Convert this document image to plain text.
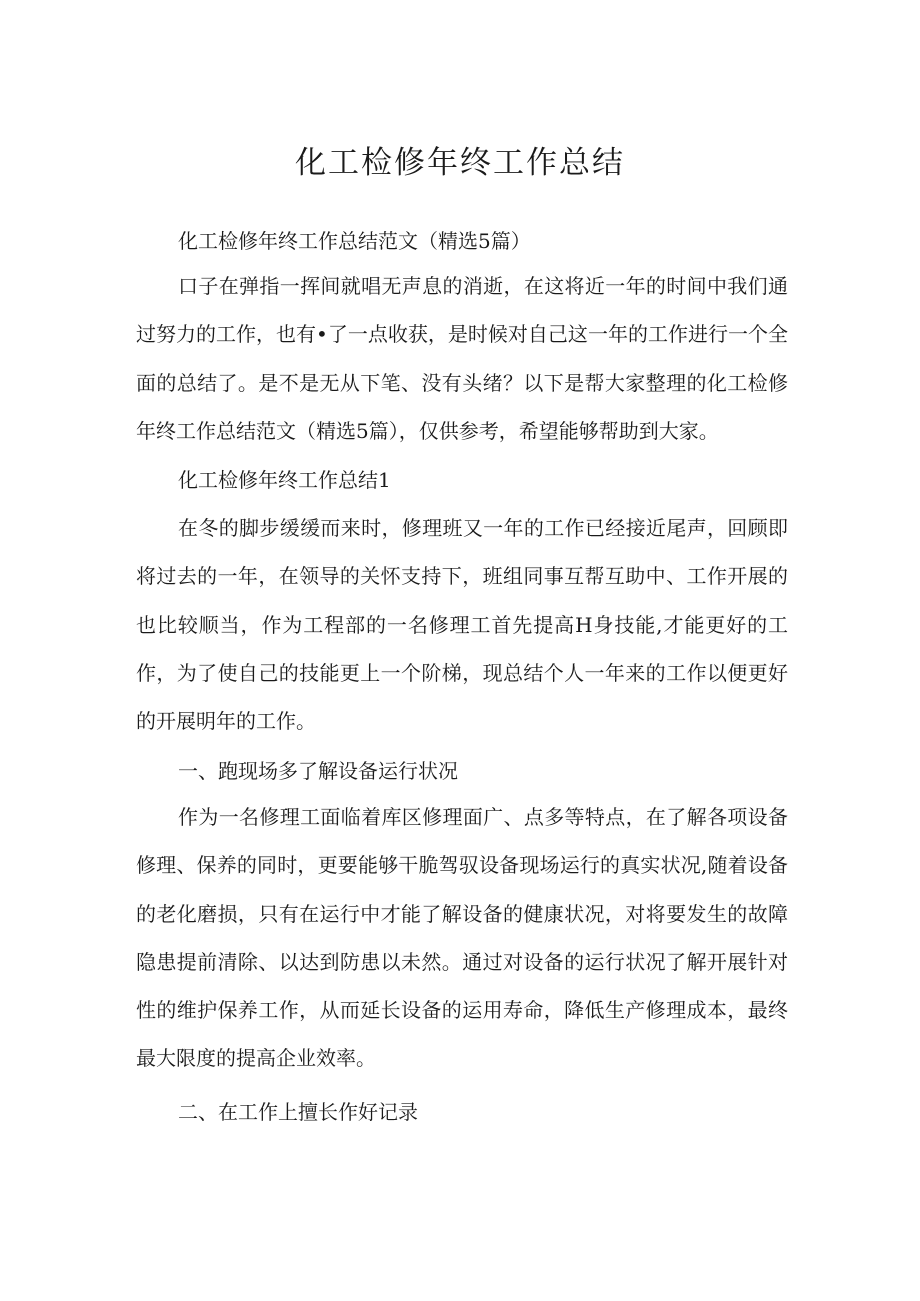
化工检修年终工作总结
化工检修年终工作总结范文（精选5篇）
口子在弹指一挥间就唱无声息的消逝，在这将近一年的时间中我们通过努力的工作，也有•了一点收获，是时候对自己这一年的工作进行一个全面的总结了。是不是无从下笔、没有头绪？以下是帮大家整理的化工检修年终工作总结范文（精选5篇），仅供参考，希望能够帮助到大家。
化工检修年终工作总结1
在冬的脚步缓缓而来时，修理班又一年的工作已经接近尾声，回顾即将过去的一年，在领导的关怀支持下，班组同事互帮互助中、工作开展的也比较顺当，作为工程部的一名修理工首先提高H身技能,才能更好的工作，为了使自己的技能更上一个阶梯，现总结个人一年来的工作以便更好的开展明年的工作。
一、跑现场多了解设备运行状况
作为一名修理工面临着库区修理面广、点多等特点，在了解各项设备修理、保养的同时，更要能够干脆驾驭设备现场运行的真实状况,随着设备的老化磨损，只有在运行中才能了解设备的健康状况，对将要发生的故障隐患提前清除、以达到防患以未然。通过对设备的运行状况了解开展针对性的维护保养工作，从而延长设备的运用寿命，降低生产修理成本，最终最大限度的提高企业效率。
二、在工作上擅长作好记录
